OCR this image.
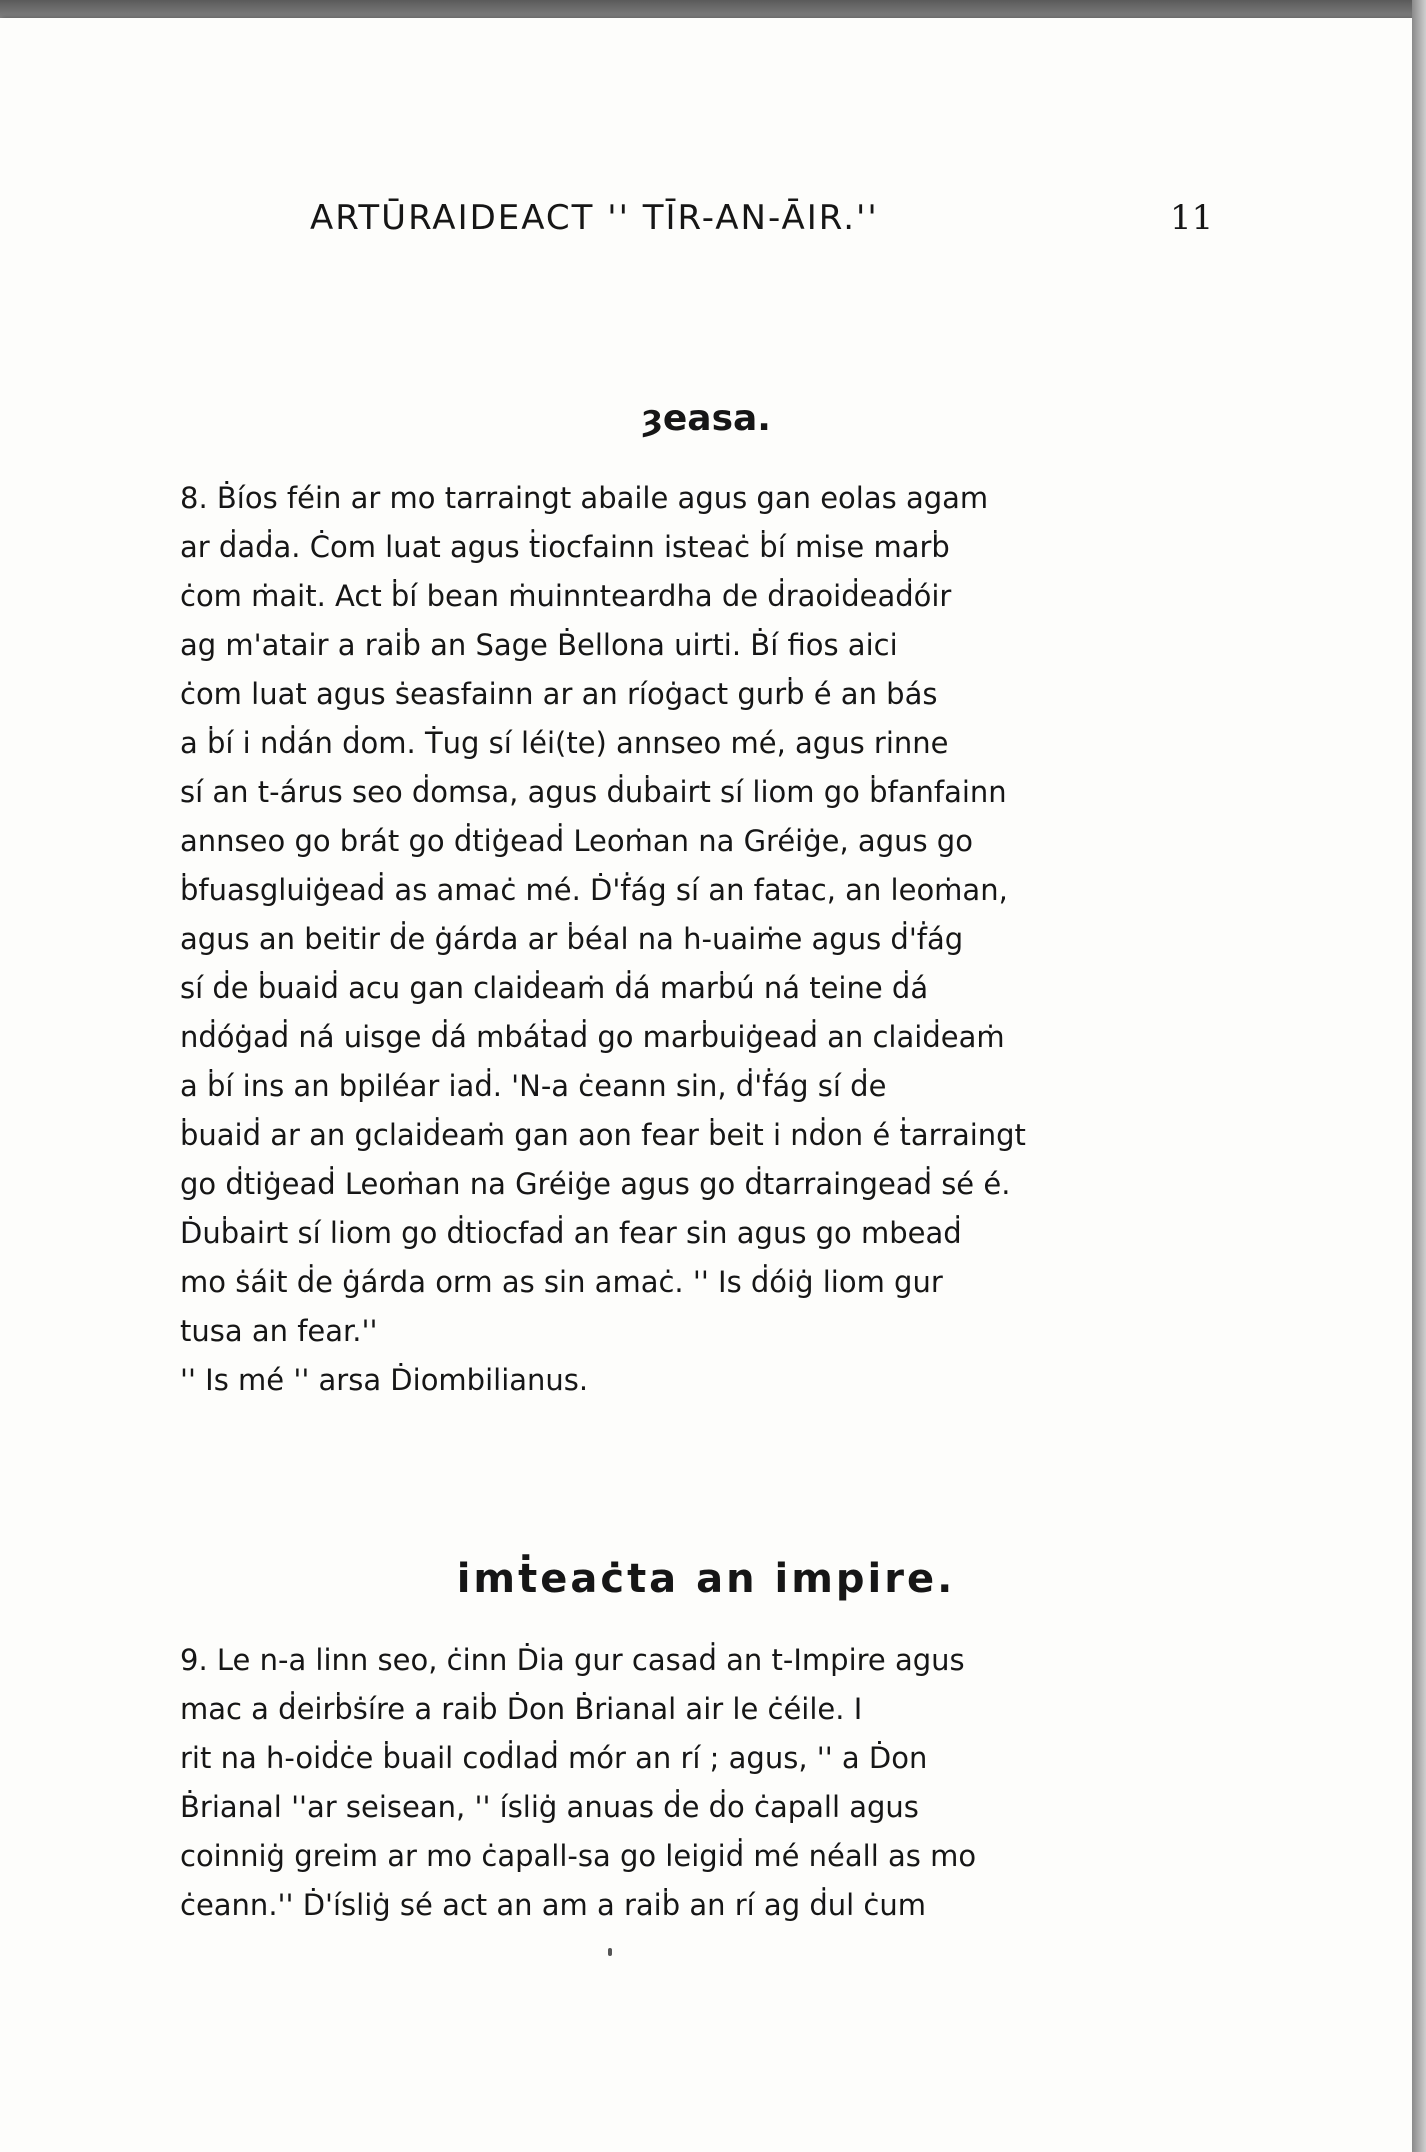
ARTŪRAIDEACT '' TĪR-AN-ĀIR.''	11
ȝeasa.
8. Ḃíos féin ar mo tarraingt abaile agus gan eolas agam
ar ḋaḋa. Ċom luat agus ṫiocfainn isteaċ ḃí mise marḃ
ċom ṁait. Act ḃí bean ṁuinnteardha de ḋraoiḋeaḋóir
ag m'atair a raiḃ an Sage Ḃellona uirti. Ḃí fios aici
ċom luat agus ṡeasfainn ar an ríoġact gurḃ é an bás
a ḃí i nḋán ḋom. Ṫug sí léi(te) annseo mé, agus rinne
sí an t-árus seo ḋomsa, agus ḋuḃairt sí liom go ḃfanfainn
annseo go brát go ḋtiġeaḋ Leoṁan na Gréiġe, agus go
ḃfuasgluiġeaḋ as amaċ mé. Ḋ'ḟág sí an fatac, an leoṁan,
agus an beitir ḋe ġárda ar ḃéal na h-uaiṁe agus ḋ'ḟág
sí ḋe ḃuaiḋ acu gan claiḋeaṁ ḋá marḃú ná teine ḋá
nḋóġaḋ ná uisge ḋá mbáṫaḋ go marḃuiġeaḋ an claiḋeaṁ
a ḃí ins an bpiléar iaḋ. 'N-a ċeann sin, ḋ'ḟág sí ḋe
ḃuaiḋ ar an gclaiḋeaṁ gan aon fear ḃeit i nḋon é ṫarraingt
go ḋtiġeaḋ Leoṁan na Gréiġe agus go ḋtarraingeaḋ sé é.
Ḋuḃairt sí liom go ḋtiocfaḋ an fear sin agus go mbeaḋ
mo ṡáit ḋe ġárda orm as sin amaċ. '' Is ḋóiġ liom gur
tusa an fear.''
'' Is mé '' arsa Ḋiombilianus.
imṫeaċta an impire.
9. Le n-a linn seo, ċinn Ḋia gur casaḋ an t-Impire agus
mac a ḋeirḃṡíre a raiḃ Ḋon Ḃrianal air le ċéile. I
rit na h-oiḋċe ḃuail coḋlaḋ mór an rí ; agus, '' a Ḋon
Ḃrianal ''ar seisean, '' ísliġ anuas ḋe ḋo ċapall agus
coinniġ greim ar mo ċapall-sa go leigiḋ mé néall as mo
ċeann.'' Ḋ'ísliġ sé act an am a raiḃ an rí ag ḋul ċum
